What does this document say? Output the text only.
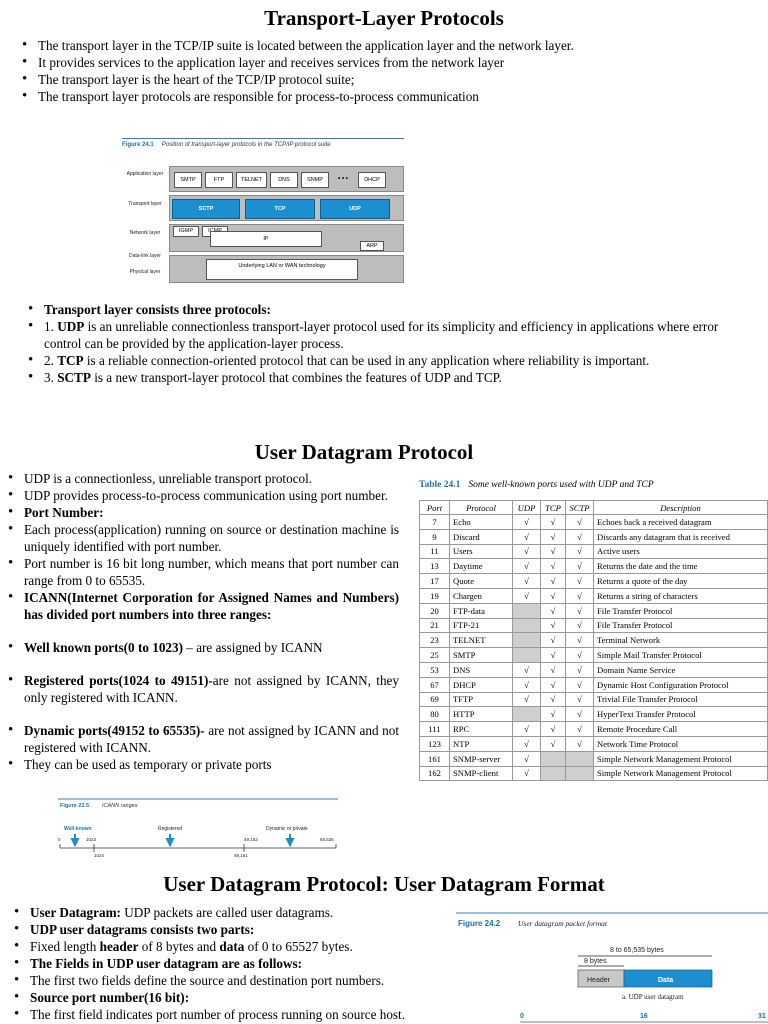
Transport-Layer Protocols
• The transport layer in the TCP/IP suite is located between the application layer and the network layer.
• It provides services to the application layer and receives services from the network layer
• The transport layer is the heart of the TCP/IP protocol suite;
• The transport layer protocols are responsible for process-to-process communication
Figure 24.1 Position of transport-layer protocols in the TCP/IP protocol suite
Application layer
Transport layer
Network layer
Data-link layer
Physical layer
SMTP	FTP	TELNET	DNS	SNMP	• • •	DHCP
SCTP	TCP	UDP
IGMP
IP
ARP
Underlying LAN or WAN technology
• Transport layer consists three protocols:
• 1. UDP is an unreliable connectionless transport-layer protocol used for its simplicity and efficiency in applications where error control can be provided by the application-layer process.
• 2. TCP is a reliable connection-oriented protocol that can be used in any application where reliability is important.
• 3. SCTP is a new transport-layer protocol that combines the features of UDP and TCP.
User Datagram Protocol
• UDP is a connectionless, unreliable transport protocol.
• UDP provides process-to-process communication using port number.
• Port Number:
• Each process(application) running on source or destination machine is uniquely identified with port number.
• Port number is 16 bit long number, which means that port number can range from 0 to 65535.
• ICANN(Internet Corporation for Assigned Names and Numbers) has divided port numbers into three ranges:
• Well known ports(0 to 1023) – are assigned by ICANN
• Registered ports(1024 to 49151)-are not assigned by ICANN, they only registered with ICANN.
• Dynamic ports(49152 to 65535)- are not assigned by ICANN and not registered with ICANN.
• They can be used as temporary or private ports
Figure 23.5 ICANN ranges
Well-known	Registered	Dynamic or private
0	1023
1024
49,152
49,151
65,535
Table 24.1 Some well-known ports used with UDP and TCP
Port	Protocol	UDP	TCP	SCTP	Description
7	Echo	√	√	√	Echoes back a received datagram
9	Discard	√	√	√	Discards any datagram that is received
11	Users	√	√	√	Active users
13	Daytime	√	√	√	Returns the date and the time
17	Quote	√	√	√	Returns a quote of the day
19	Chargen	√	√	√	Returns a string of characters
20	FTP-data		√	√	File Transfer Protocol
21	FTP-21		√	√	File Transfer Protocol
23	TELNET		√	√	Terminal Network
25	SMTP		√	√	Simple Mail Transfer Protocol
53	DNS	√	√	√	Domain Name Service
67	DHCP	√	√	√	Dynamic Host Configuration Protocol
69	TFTP	√	√	√	Trivial File Transfer Protocol
80	HTTP		√	√	HyperText Transfer Protocol
111	RPC	√	√	√	Remote Procedure Call
123	NTP	√	√	√	Network Time Protocol
161	SNMP-server	√			Simple Network Management Protocol
162	SNMP-client	√			Simple Network Management Protocol
User Datagram Protocol: User Datagram Format
• User Datagram: UDP packets are called user datagrams.
• UDP user datagrams consists two parts:
• Fixed length header of 8 bytes and data of 0 to 65527 bytes.
• The Fields in UDP user datagram are as follows:
• The first two fields define the source and destination port numbers.
• Source port number(16 bit):
• The first field indicates port number of process running on source host.
Figure 24.2 User datagram packet format
8 to 65,535 bytes
8 bytes
Header	Data
a. UDP user datagram
0	16	31
